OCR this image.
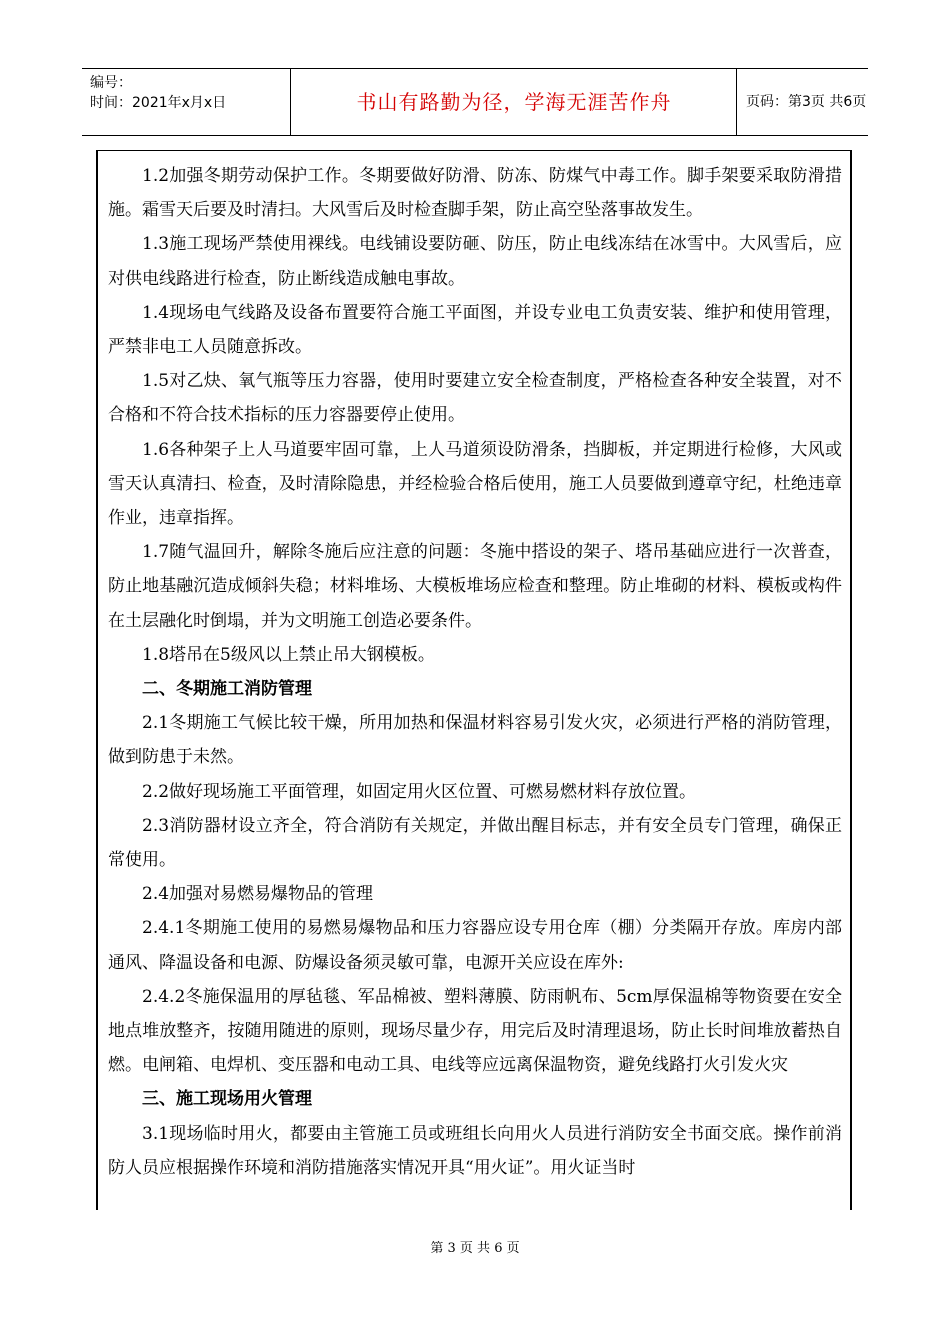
编号：
时间：2021年x月x日	书山有路勤为径，学海无涯苦作舟	页码：第3页 共6页

1.2加强冬期劳动保护工作。冬期要做好防滑、防冻、防煤气中毒工作。脚手架要采取防滑措施。霜雪天后要及时清扫。大风雪后及时检查脚手架，防止高空坠落事故发生。

1.3施工现场严禁使用裸线。电线铺设要防砸、防压，防止电线冻结在冰雪中。大风雪后，应对供电线路进行检查，防止断线造成触电事故。

1.4现场电气线路及设备布置要符合施工平面图，并设专业电工负责安装、维护和使用管理，严禁非电工人员随意拆改。

1.5对乙炔、氧气瓶等压力容器，使用时要建立安全检查制度，严格检查各种安全装置，对不合格和不符合技术指标的压力容器要停止使用。

1.6各种架子上人马道要牢固可靠，上人马道须设防滑条，挡脚板，并定期进行检修，大风或雪天认真清扫、检查，及时清除隐患，并经检验合格后使用，施工人员要做到遵章守纪，杜绝违章作业，违章指挥。

1.7随气温回升，解除冬施后应注意的问题：冬施中搭设的架子、塔吊基础应进行一次普查，防止地基融沉造成倾斜失稳；材料堆场、大模板堆场应检查和整理。防止堆砌的材料、模板或构件在土层融化时倒塌，并为文明施工创造必要条件。

1.8塔吊在5级风以上禁止吊大钢模板。

二、冬期施工消防管理

2.1冬期施工气候比较干燥，所用加热和保温材料容易引发火灾，必须进行严格的消防管理，做到防患于未然。

2.2做好现场施工平面管理，如固定用火区位置、可燃易燃材料存放位置。

2.3消防器材设立齐全，符合消防有关规定，并做出醒目标志，并有安全员专门管理，确保正常使用。

2.4加强对易燃易爆物品的管理

2.4.1冬期施工使用的易燃易爆物品和压力容器应设专用仓库（棚）分类隔开存放。库房内部通风、降温设备和电源、防爆设备须灵敏可靠，电源开关应设在库外:

2.4.2冬施保温用的厚毡毯、军品棉被、塑料薄膜、防雨帆布、5cm厚保温棉等物资要在安全地点堆放整齐，按随用随进的原则，现场尽量少存，用完后及时清理退场，防止长时间堆放蓄热自燃。电闸箱、电焊机、变压器和电动工具、电线等应远离保温物资，避免线路打火引发火灾

三、施工现场用火管理

3.1现场临时用火，都要由主管施工员或班组长向用火人员进行消防安全书面交底。操作前消防人员应根据操作环境和消防措施落实情况开具“用火证”。用火证当时

第 3 页 共 6 页
